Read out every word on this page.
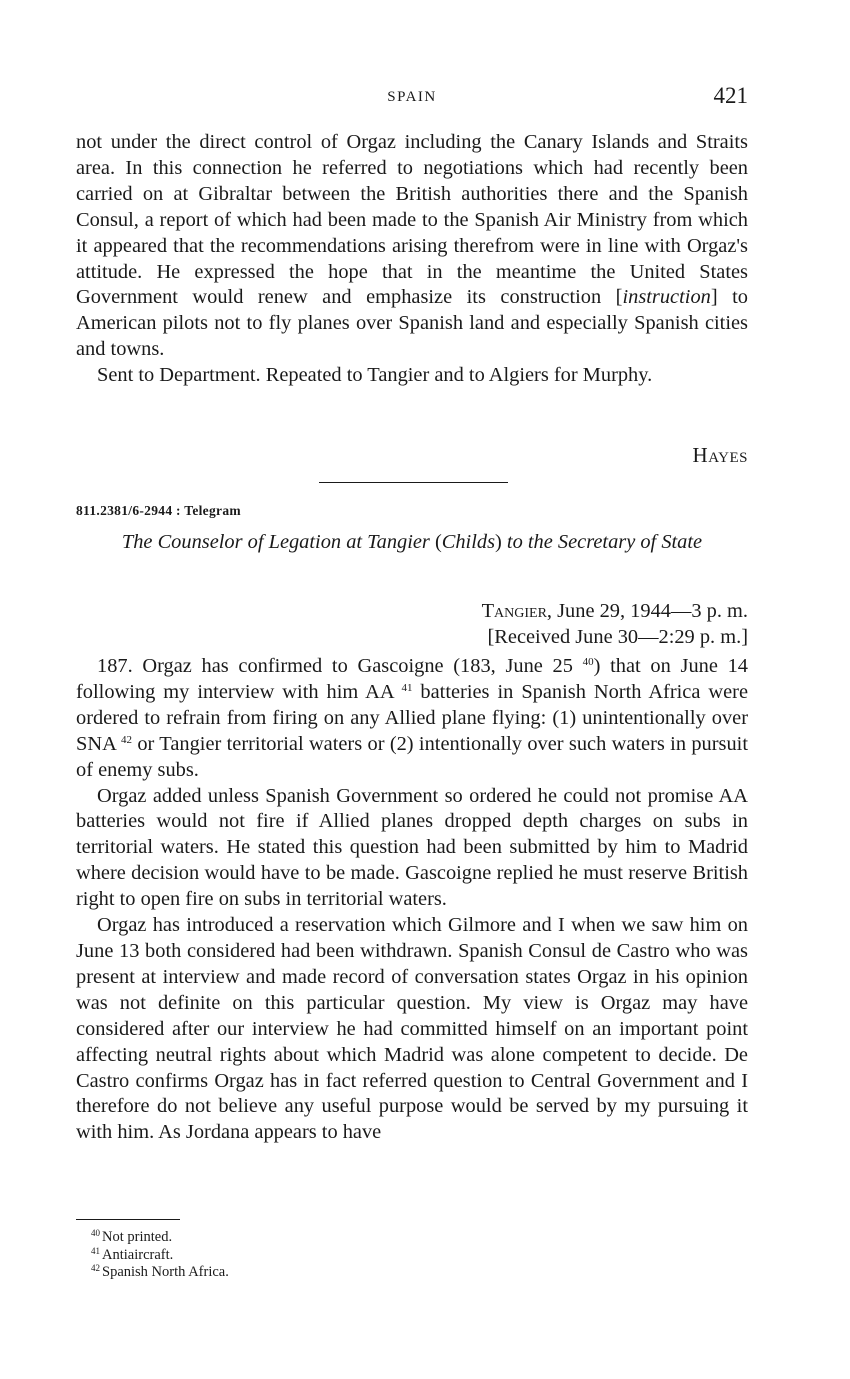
SPAIN	421

not under the direct control of Orgaz including the Canary Islands and Straits area. In this connection he referred to negotiations which had recently been carried on at Gibraltar between the British authorities there and the Spanish Consul, a report of which had been made to the Spanish Air Ministry from which it appeared that the recommendations arising therefrom were in line with Orgaz's attitude. He expressed the hope that in the meantime the United States Government would renew and emphasize its construction [instruction] to American pilots not to fly planes over Spanish land and especially Spanish cities and towns.

Sent to Department. Repeated to Tangier and to Algiers for Murphy.

Hayes
811.2381/6-2944 : Telegram
The Counselor of Legation at Tangier (Childs) to the Secretary of State
Tangier, June 29, 1944—3 p. m.
[Received June 30—2:29 p. m.]

187. Orgaz has confirmed to Gascoigne (183, June 25 $^{40}$) that on June 14 following my interview with him AA $^{41}$ batteries in Spanish North Africa were ordered to refrain from firing on any Allied plane flying: (1) unintentionally over SNA $^{42}$ or Tangier territorial waters or (2) intentionally over such waters in pursuit of enemy subs.

Orgaz added unless Spanish Government so ordered he could not promise AA batteries would not fire if Allied planes dropped depth charges on subs in territorial waters. He stated this question had been submitted by him to Madrid where decision would have to be made. Gascoigne replied he must reserve British right to open fire on subs in territorial waters.

Orgaz has introduced a reservation which Gilmore and I when we saw him on June 13 both considered had been withdrawn. Spanish Consul de Castro who was present at interview and made record of conversation states Orgaz in his opinion was not definite on this particular question. My view is Orgaz may have considered after our interview he had committed himself on an important point affecting neutral rights about which Madrid was alone competent to decide. De Castro confirms Orgaz has in fact referred question to Central Government and I therefore do not believe any useful purpose would be served by my pursuing it with him. As Jordana appears to have

$^{40}$ Not printed.
$^{41}$ Antiaircraft.
$^{42}$ Spanish North Africa.
